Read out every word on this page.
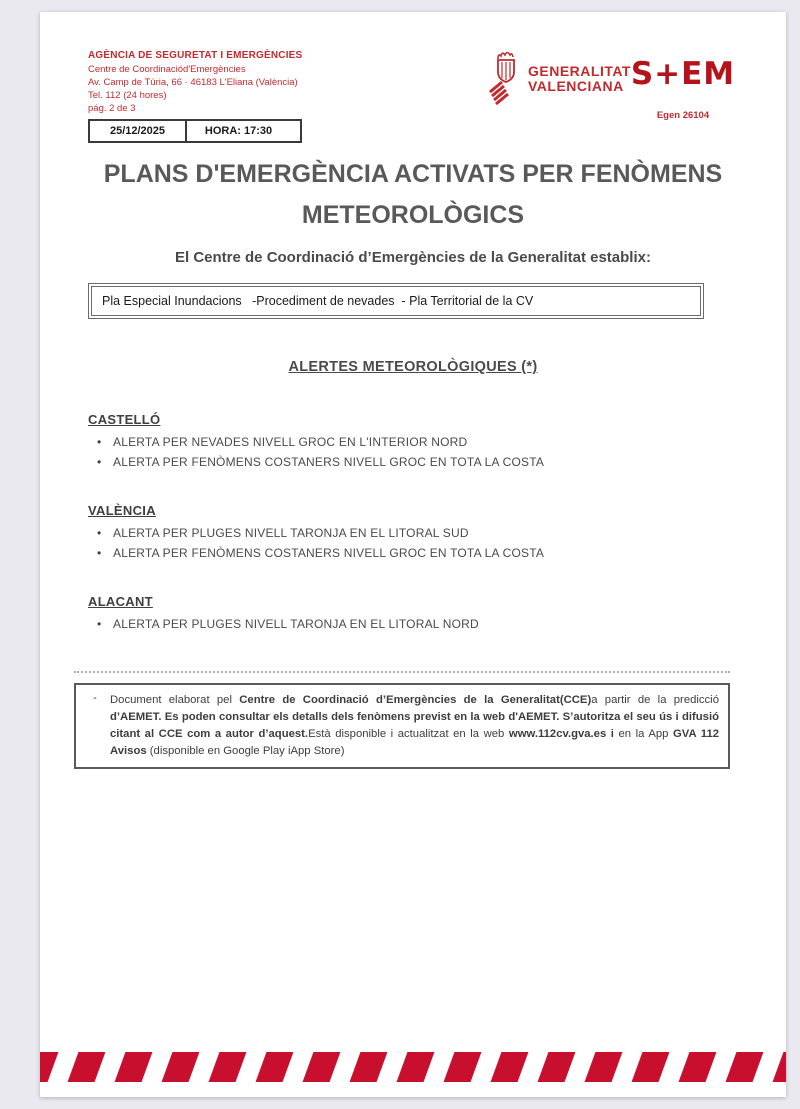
AGÈNCIA DE SEGURETAT I EMERGÈNCIES
Centre de Coordinaciód'Emergències
Av. Camp de Túria, 66 · 46183 L'Eliana (València)
Tel. 112 (24 hores)
pág. 2 de 3
25/12/2025	HORA: 17:30
GENERALITAT
VALENCIANA S+EM
Egen 26104
PLANS D'EMERGÈNCIA ACTIVATS PER FENÒMENS
METEOROLÒGICS
El Centre de Coordinació d’Emergències de la Generalitat establix:
Pla Especial Inundacions   -Procediment de nevades  - Pla Territorial de la CV
ALERTES METEOROLÒGIQUES (*)
CASTELLÓ
• ALERTA PER NEVADES NIVELL GROC EN L'INTERIOR NORD
• ALERTA PER FENÒMENS COSTANERS NIVELL GROC EN TOTA LA COSTA
VALÈNCIA
• ALERTA PER PLUGES NIVELL TARONJA EN EL LITORAL SUD
• ALERTA PER FENÒMENS COSTANERS NIVELL GROC EN TOTA LA COSTA
ALACANT
• ALERTA PER PLUGES NIVELL TARONJA EN EL LITORAL NORD
-	Document elaborat pel Centre de Coordinació d’Emergències de la Generalitat(CCE)a partir de la predicció d’AEMET. Es poden consultar els detalls dels fenòmens previst en la web d'AEMET. S’autoritza el seu ús i difusió citant al CCE com a autor d’aquest.Està disponible i actualitzat en la web www.112cv.gva.es i en la App GVA 112 Avisos (disponible en Google Play iApp Store)
